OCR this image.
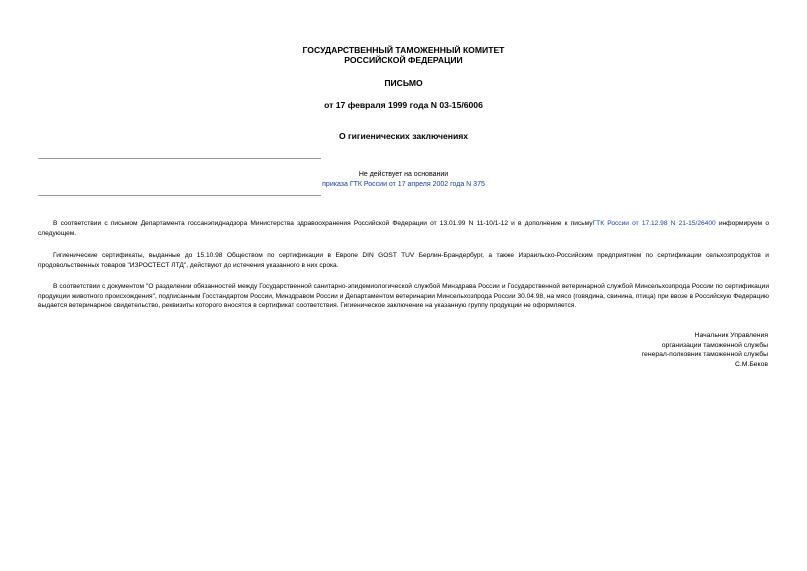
ГОСУДАРСТВЕННЫЙ ТАМОЖЕННЫЙ КОМИТЕТ
РОССИЙСКОЙ ФЕДЕРАЦИИ
ПИСЬМО
от 17 февраля 1999 года N 03-15/6006
О гигиенических заключениях
Не действует на основании
приказа ГТК России от 17 апреля 2002 года N 375
В соответствии с письмом Департамента госсанэпиднадзора Министерства здравоохранения Российской Федерации от 13.01.99 N 11-10/1-12 и в дополнение к письмуГТК России от 17.12.98 N 21-15/26400 информируем о следующем.
Гигиенические сертификаты, выданные до 15.10.98 Обществом по сертификации в Европе DIN GOST TUV Берлин-Брандербург, а также Израильско-Российским предприятием по сертификации сельхозпродуктов и продовольственных товаров "ИЗРОСТЕСТ ЛТД", действуют до истечения указанного в них срока.
В соответствии с документом "О разделении обязанностей между Государственной санитарно-эпидемиологической службой Минздрава России и Государственной ветеринарной службой Минсельхозпрода России по сертификации продукции животного происхождения", подписанным Госстандартом России, Минздравом России и Департаментом ветеринарии Минсельхозпрода России 30.04.98, на мясо (говядина, свинина, птица) при ввозе в Российскую Федерацию выдается ветеринарное свидетельство, реквизиты которого вносятся в сертификат соответствия. Гигиеническое заключение на указанную группу продукции не оформляется.
Начальник Управления
организации таможенной службы
генерал-полковник таможенной службы
С.М.Беков
